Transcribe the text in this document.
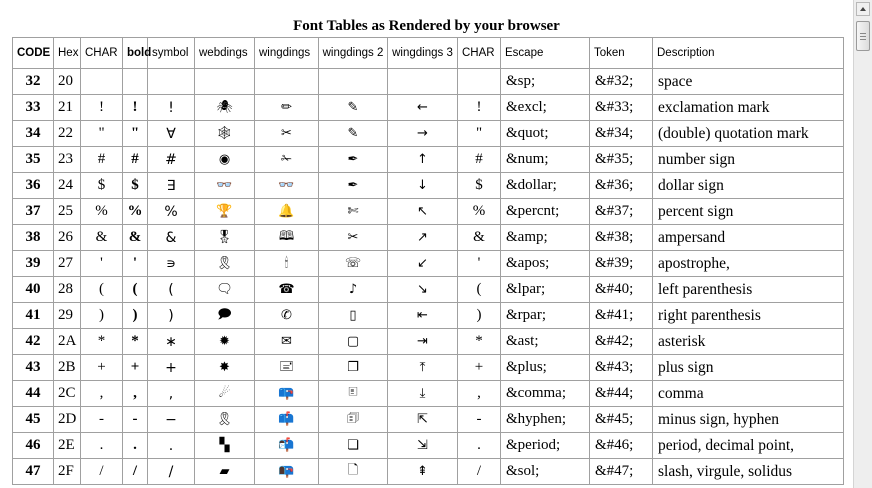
Font Tables as Rendered by your browser
CODE	Hex	CHAR	bold	symbol	webdings	wingdings	wingdings 2	wingdings 3	CHAR	Escape	Token	Description
32	20									&sp;	&#32;	space
33	21	!	!	!	🕷	✏	✎	←	!	&excl;	&#33;	exclamation mark
34	22	"	"	∀	🕸	✂	✎	→	"	&quot;	&#34;	(double) quotation mark
35	23	#	#	#	◉	✁	✒	↑	#	&num;	&#35;	number sign
36	24	$	$	∃	👓	👓	✒	↓	$	&dollar;	&#36;	dollar sign
37	25	%	%	%	🏆	🔔	✄	↖	%	&percnt;	&#37;	percent sign
38	26	&	&	&	🎖	🕮	✂	↗	&	&amp;	&#38;	ampersand
39	27	'	'	∍	🎗	🕯	☏	↙	'	&apos;	&#39;	apostrophe,
40	28	(	(	(	🗨	☎	♪	↘	(	&lpar;	&#40;	left parenthesis
41	29	)	)	)	🗩	✆	▯	⇤	)	&rpar;	&#41;	right parenthesis
42	2A	*	*	∗	✹	✉	▢	⇥	*	&ast;	&#42;	asterisk
43	2B	+	+	+	✸	🖃	❐	⤒	+	&plus;	&#43;	plus sign
44	2C	,	,	,	☄	📪	🗉	⤓	,	&comma;	&#44;	comma
45	2D	-	-	−	🎗	📫	🗊	⇱	-	&hyphen;	&#45;	minus sign, hyphen
46	2E	.	.	.	▚	📬	❏	⇲	.	&period;	&#46;	period, decimal point,
47	2F	/	/	/	▰	📭	🗋	⇞	/	&sol;	&#47;	slash, virgule, solidus
